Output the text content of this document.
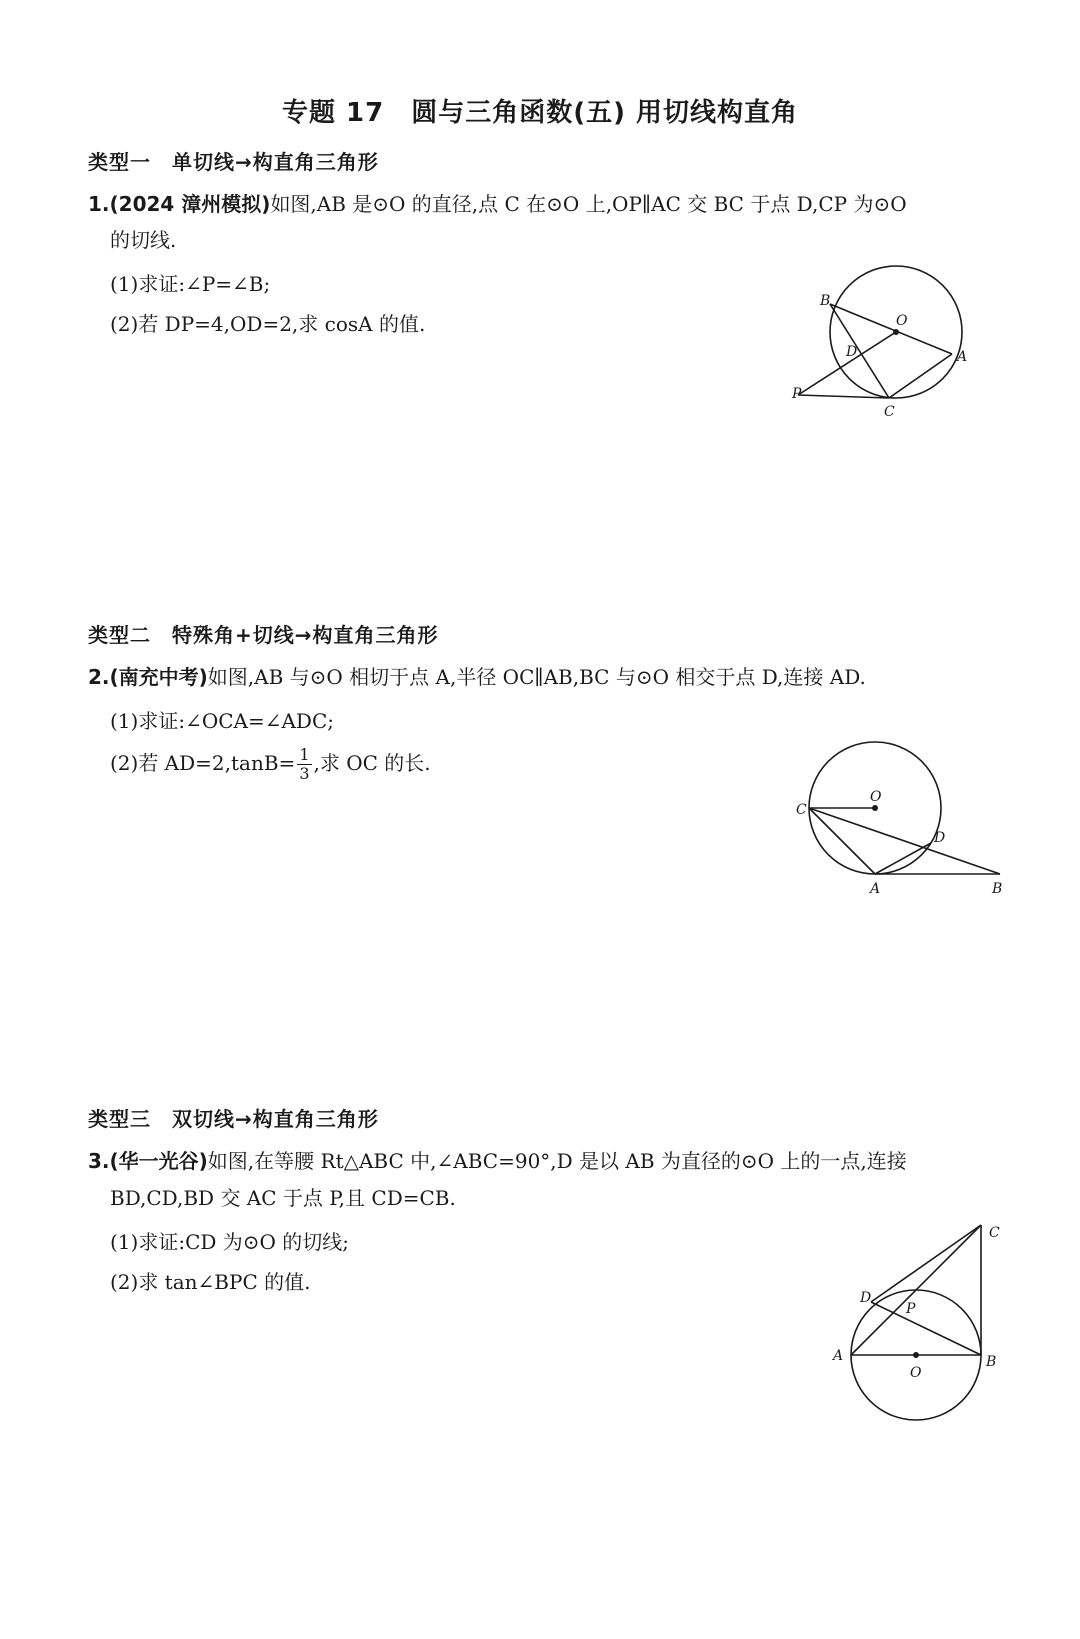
专题 17　圆与三角函数(五) 用切线构直角
类型一　单切线→构直角三角形
1.(2024 漳州模拟)如图,AB 是⊙O 的直径,点 C 在⊙O 上,OP∥AC 交 BC 于点 D,CP 为⊙O
的切线.
(1)求证:∠P=∠B;
(2)若 DP=4,OD=2,求 cosA 的值.
B
O
D	A
P
C
类型二　特殊角+切线→构直角三角形
2.(南充中考)如图,AB 与⊙O 相切于点 A,半径 OC∥AB,BC 与⊙O 相交于点 D,连接 AD.
(1)求证:∠OCA=∠ADC;
(2)若 $AD=2,\tan B= \frac{1}{3}$ ,求 OC 的长.
C
O
D
A	B
类型三　双切线→构直角三角形
3.(华一光谷)如图,在等腰 Rt△ABC 中,∠ABC=90°,D 是以 AB 为直径的⊙O 上的一点,连接
BD,CD,BD 交 AC 于点 P,且 CD=CB.
(1)求证:CD 为⊙O 的切线;
(2)求 tan∠BPC 的值.
C
D
P
A
O
B
